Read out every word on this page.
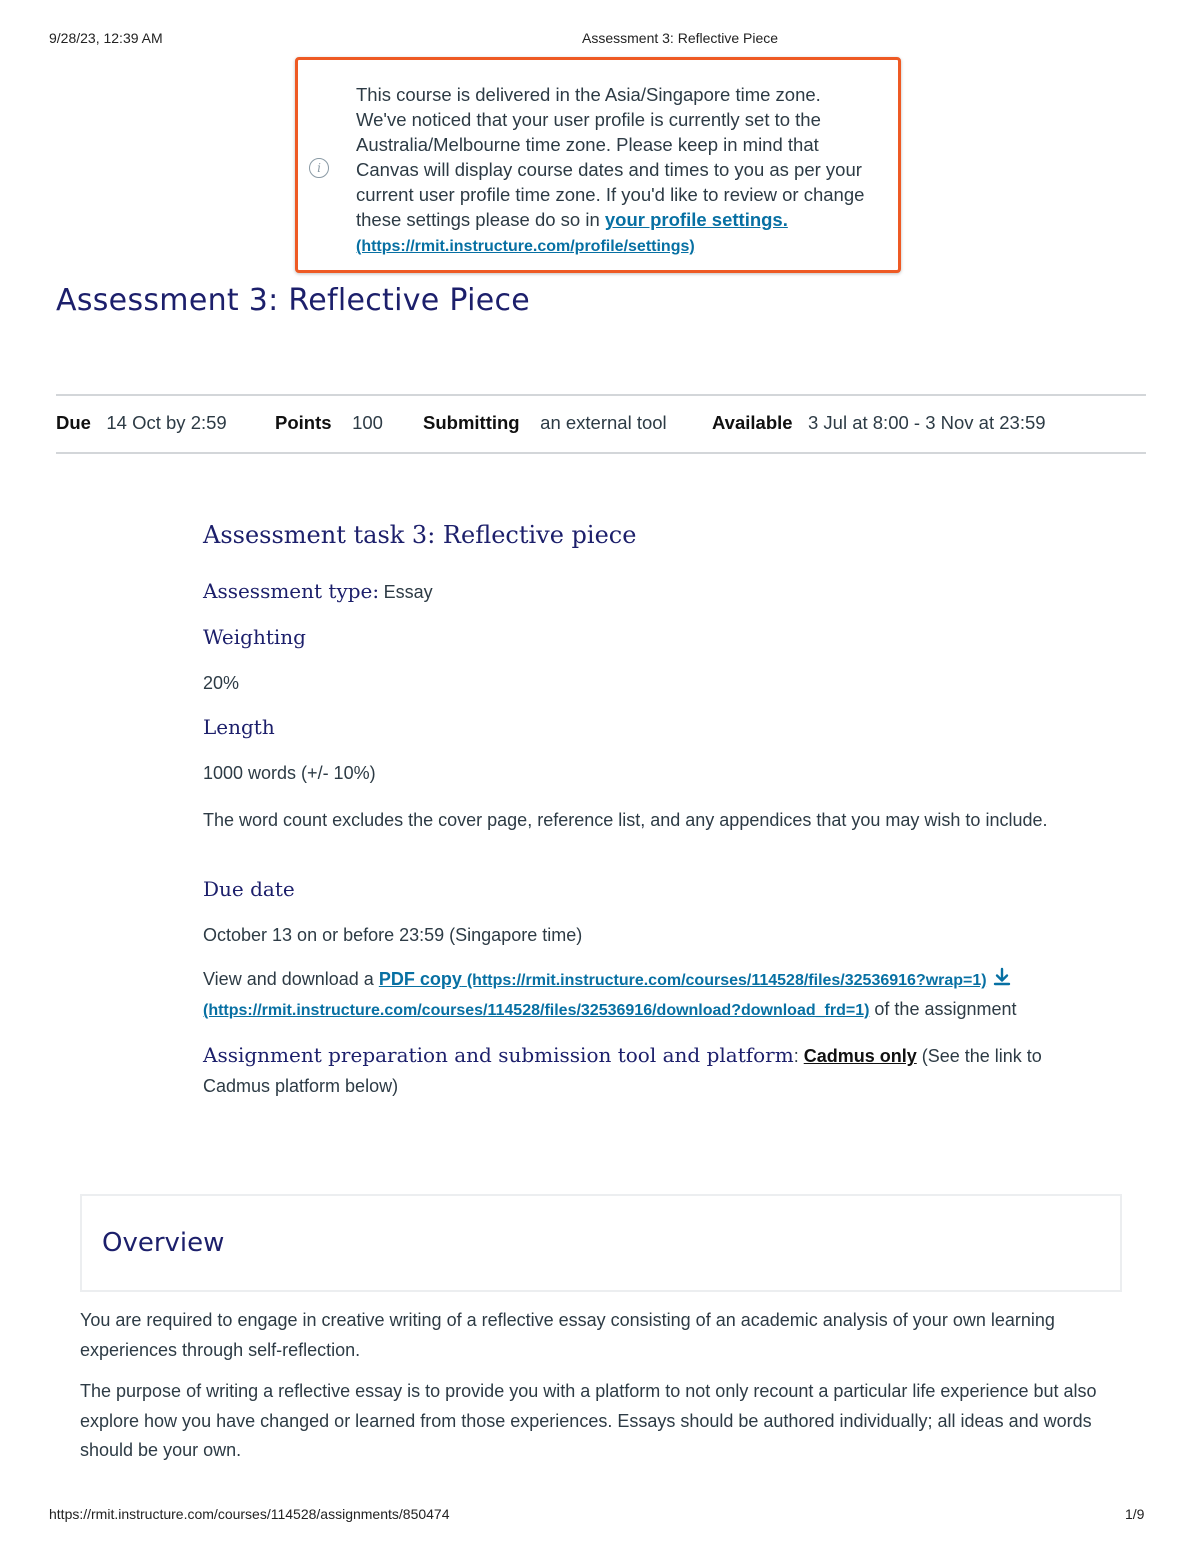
9/28/23, 12:39 AM	Assessment 3: Reflective Piece
i
This course is delivered in the Asia/Singapore time zone. We've noticed that your user profile is currently set to the Australia/Melbourne time zone. Please keep in mind that Canvas will display course dates and times to you as per your current user profile time zone. If you'd like to review or change these settings please do so in your profile settings. (https://rmit.instructure.com/profile/settings)
Assessment 3: Reflective Piece
Due 14 Oct by 2:59	Points 100 Submitting an external tool Available 3 Jul at 8:00 - 3 Nov at 23:59
Assessment task 3: Reflective piece
Assessment type: Essay
Weighting
20%
Length
1000 words (+/- 10%)
The word count excludes the cover page, reference list, and any appendices that you may wish to include.
Due date
October 13 on or before 23:59 (Singapore time)
View and download a PDF copy (https://rmit.instructure.com/courses/114528/files/32536916?wrap=1)
(https://rmit.instructure.com/courses/114528/files/32536916/download?download_frd=1) of the assignment
Assignment preparation and submission tool and platform: Cadmus only (See the link to Cadmus platform below)
Overview
You are required to engage in creative writing of a reflective essay consisting of an academic analysis of your own learning experiences through self-reflection.
The purpose of writing a reflective essay is to provide you with a platform to not only recount a particular life experience but also explore how you have changed or learned from those experiences. Essays should be authored individually; all ideas and words should be your own.
https://rmit.instructure.com/courses/114528/assignments/850474	1/9
